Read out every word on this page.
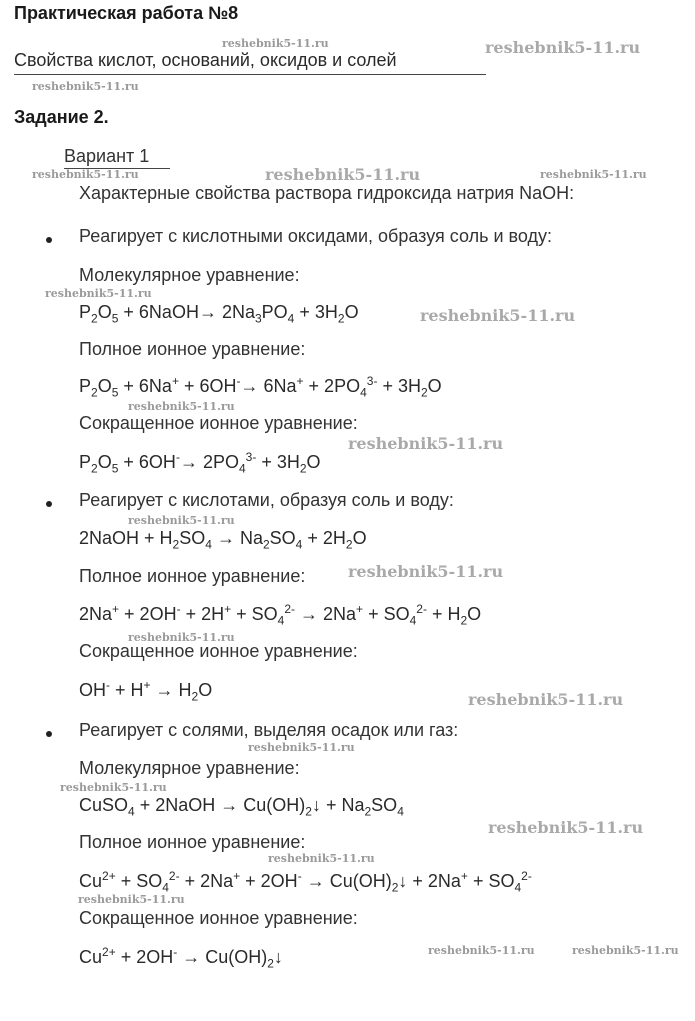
Практическая работа №8
Свойства кислот, оснований, оксидов и солей
Задание 2.
Вариант 1
Характерные свойства раствора гидроксида натрия NaOH:
Реагирует с кислотными оксидами, образуя соль и воду:
Молекулярное уравнение:
$P_2O_5$ + 6NaOH→ $2Na_3PO_4 + 3H_2O$
Полное ионное уравнение:
$P_2O_5 + 6Na^+ + 6OH^-\to 6Na^+ + 2PO_4^{3-} + 3H_2O$
Сокращенное ионное уравнение:
$P_2O_5 + 6OH^-\to 2PO_4^{3-} + 3H_2O$
Реагирует с кислотами, образуя соль и воду:
2NaOH + $H_2SO_4 \to Na_2SO_4 + 2H_2O$
Полное ионное уравнение:
$2Na^+ + 2OH^- + 2H^+ + SO_4^{2-} \to 2Na^+ + SO_4^{2-} + H_2O$
Сокращенное ионное уравнение:
$OH^- + H^+ \to H_2O$
Реагирует с солями, выделяя осадок или газ:
Молекулярное уравнение:
CuSO$_4$ + 2NaOH → $Cu(OH)_2↓ + Na_2SO_4$
Полное ионное уравнение:
$Cu^{2+} + SO_4^{2-} + 2Na^+ + 2OH^-$ → $Cu(OH)_2↓ + 2Na^+ + SO_4^{2-}$
Сокращенное ионное уравнение:
$Cu^{2+} + 2OH^-$ → $Cu(OH)_2↓$
reshebnik5-11.ru	reshebnik5-11.ru
reshebnik5-11.ru
reshebnik5-11.ru	reshebnik5-11.ru	reshebnik5-11.ru
reshebnik5-11.ru
reshebnik5-11.ru
reshebnik5-11.ru
reshebnik5-11.ru
reshebnik5-11.ru
reshebnik5-11.ru
reshebnik5-11.ru
reshebnik5-11.ru
reshebnik5-11.ru
reshebnik5-11.ru
reshebnik5-11.ru
reshebnik5-11.ru
reshebnik5-11.ru
reshebnik5-11.ru	reshebnik5-11.ru
